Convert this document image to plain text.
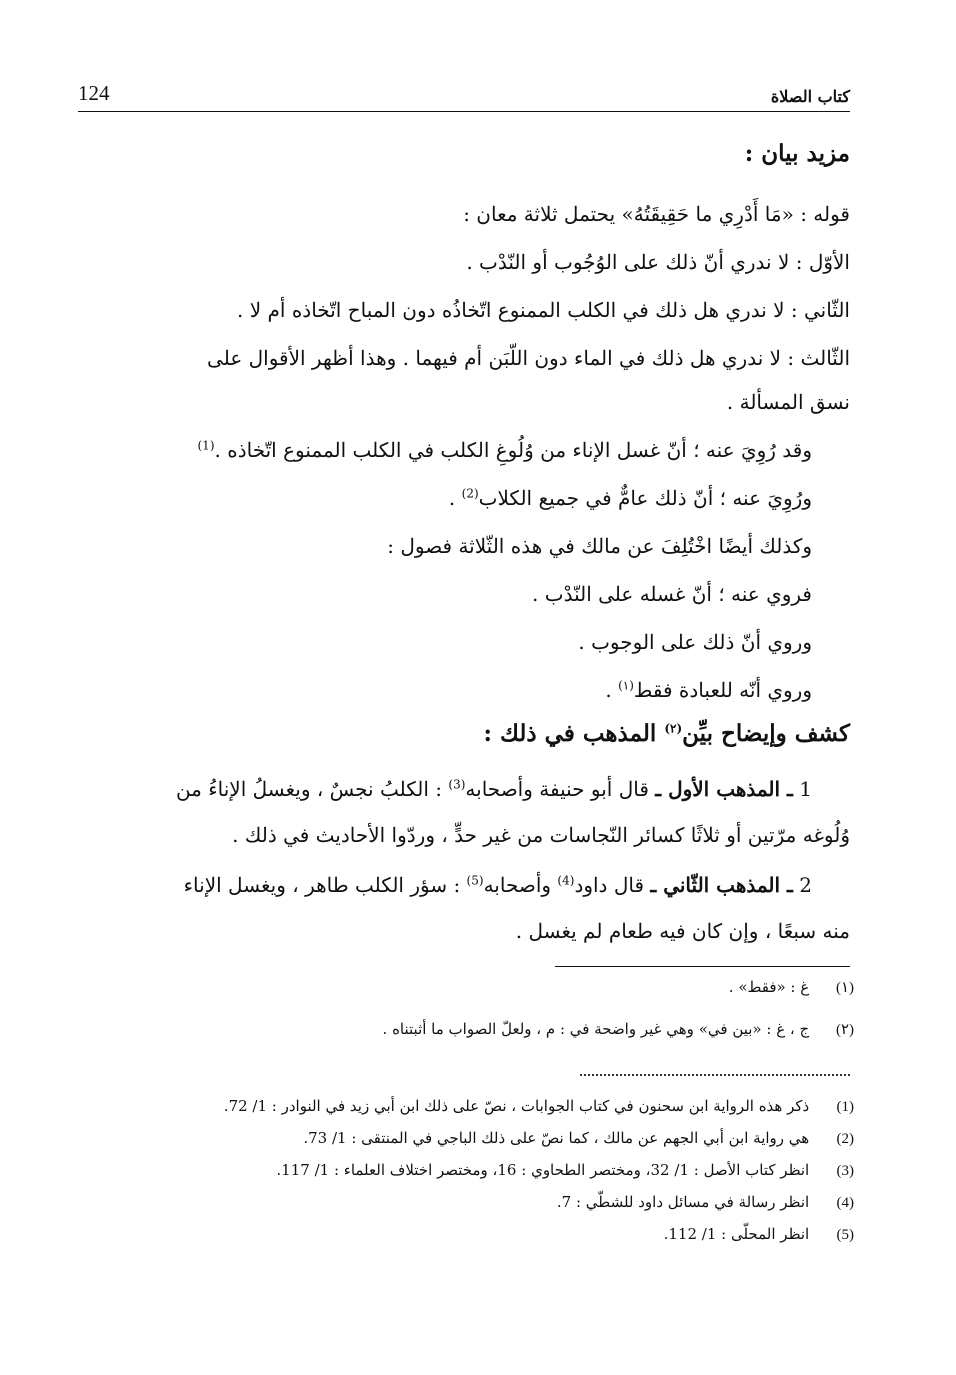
124	كتاب الصلاة
مزيد بيان :
قوله : «مَا أَدْرِي ما حَقِيقَتُهُ» يحتمل ثلاثة معان :
الأوّل : لا ندري أنّ ذلك على الوُجُوب أو النّدْب .
الثّاني : لا ندري هل ذلك في الكلب الممنوع اتّخاذُه دون المباح اتّخاذه أم لا .
الثّالث : لا ندري هل ذلك في الماء دون اللّبَن أم فيهما . وهذا أظهر الأقوال على
نسق المسألة .
وقد رُوِيَ عنه ؛ أنّ غسل الإناء من وُلُوغِ الكلب في الكلب الممنوع اتّخاذه .$^{(1)}$
ورُوِيَ عنه ؛ أنّ ذلك عامٌّ في جميع الكلاب$^{(2)}$ .
وكذلك أيضًا اخْتُلِفَ عن مالك في هذه الثّلاثة فصول :
فروي عنه ؛ أنّ غسله على النّدْب .
وروي أنّ ذلك على الوجوب .
وروي أنّه للعبادة فقط$^{(١)}$ .
كشف وإيضاح بيِّن$^{(٢)}$ المذهب في ذلك :
1 ـ المذهب الأول ـ قال أبو حنيفة وأصحابه$^{(3)}$ : الكلبُ نجسٌ ، ويغسلُ الإناءُ من
وُلُوغه مرّتين أو ثلاثًا كسائر النّجاسات من غير حدٍّ ، وردّوا الأحاديث في ذلك .
2 ـ المذهب الثّاني ـ قال داود$^{(4)}$ وأصحابه$^{(5)}$ : سؤر الكلب طاهر ، ويغسل الإناء
منه سبعًا ، وإن كان فيه طعام لم يغسل .
(١) غ : «فقط» .
(٢) ج ، غ : «بين في» وهي غير واضحة في : م ، ولعلّ الصواب ما أثبتناه .
(1) ذكر هذه الرواية ابن سحنون في كتاب الجوابات ، نصّ على ذلك ابن أبي زيد في النوادر : 1/ 72.
(2) هي رواية ابن أبي الجهم عن مالك ، كما نصّ على ذلك الباجي في المنتقى : 1/ 73.
(3) انظر كتاب الأصل : 1/ 32، ومختصر الطحاوي : 16، ومختصر اختلاف العلماء : 1/ 117.
(4) انظر رسالة في مسائل داود للشطّي : 7.
(5) انظر المحلّى : 1/ 112.
